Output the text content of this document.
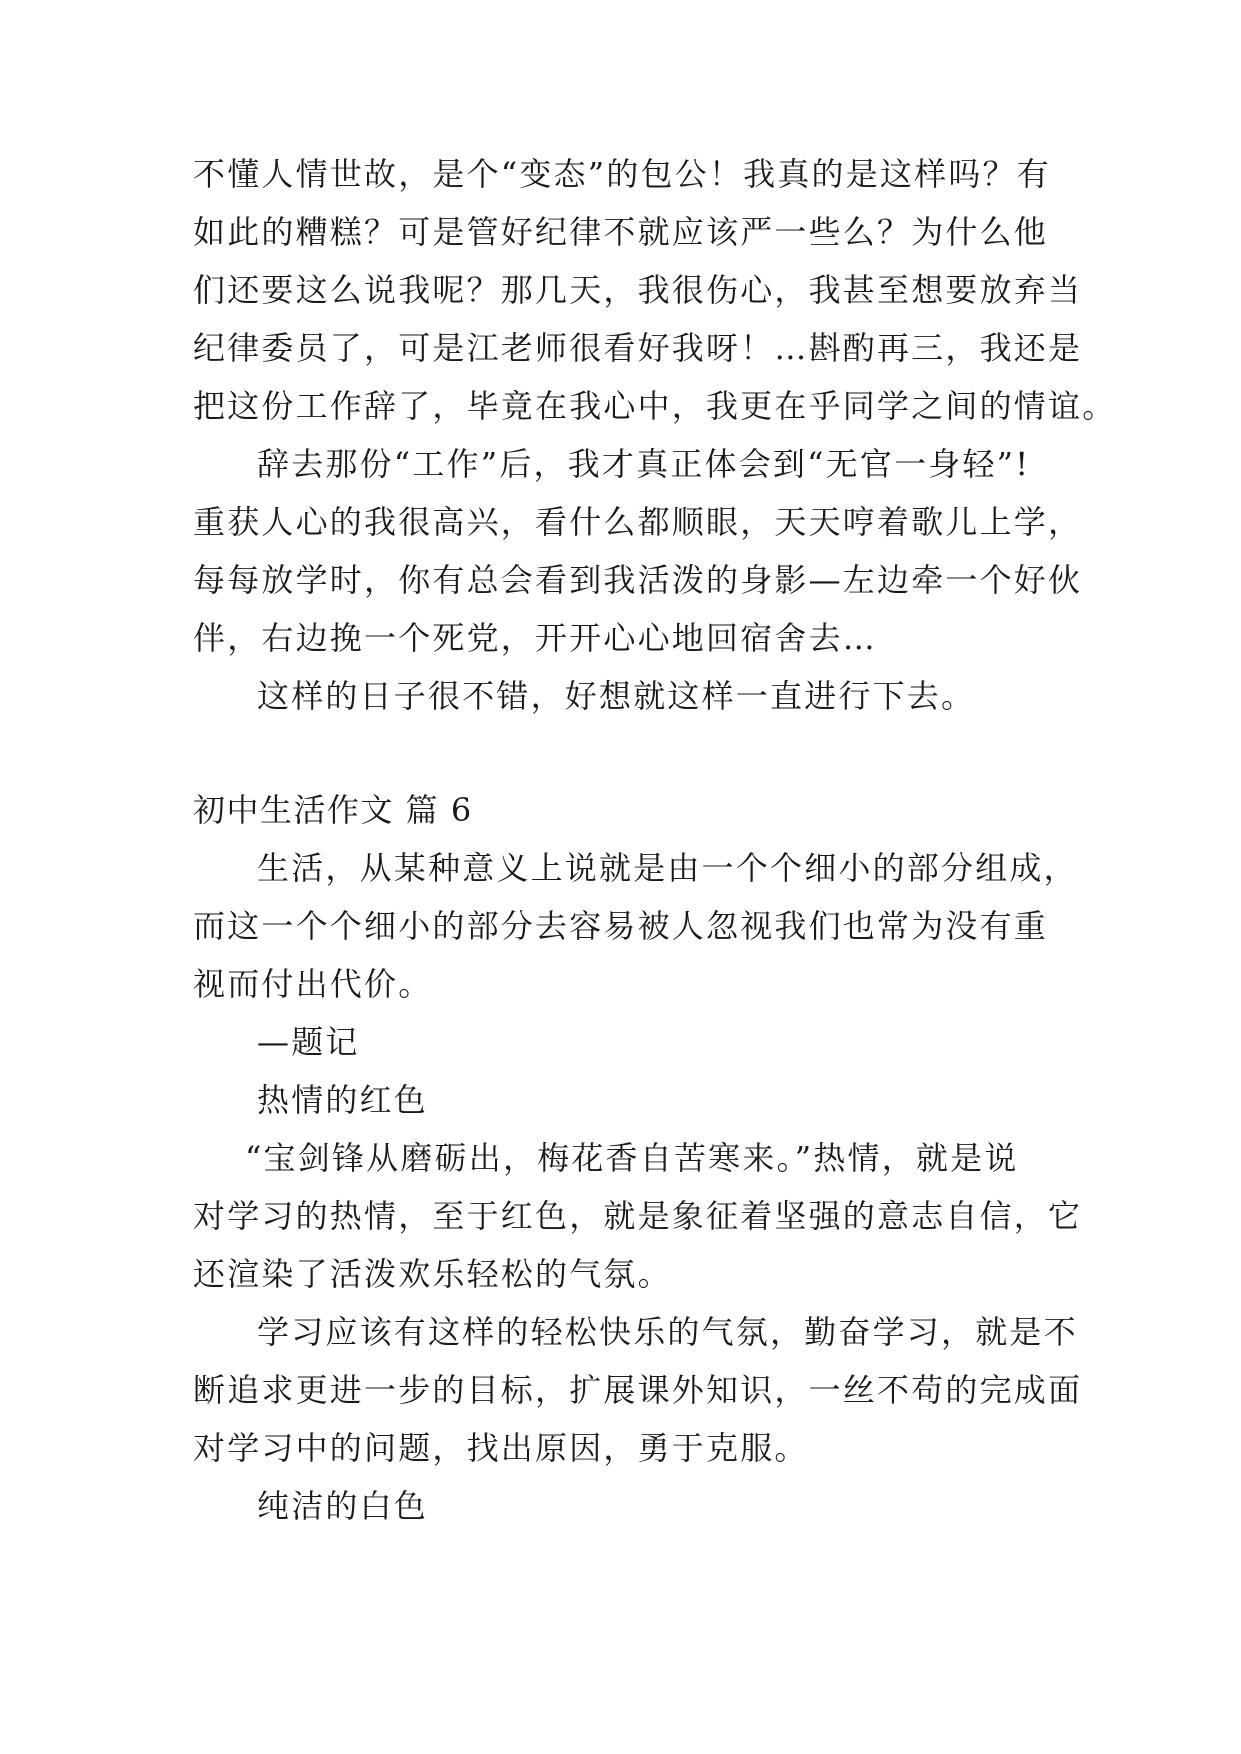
不懂人情世故，是个“变态”的包公！我真的是这样吗？有
如此的糟糕？可是管好纪律不就应该严一些么？为什么他
们还要这么说我呢？那几天，我很伤心，我甚至想要放弃当
纪律委员了，可是江老师很看好我呀！…斟酌再三，我还是
把这份工作辞了，毕竟在我心中，我更在乎同学之间的情谊。
辞去那份“工作”后，我才真正体会到“无官一身轻”!
重获人心的我很高兴，看什么都顺眼，天天哼着歌儿上学，
每每放学时，你有总会看到我活泼的身影—左边牵一个好伙
伴，右边挽一个死党，开开心心地回宿舍去…
这样的日子很不错，好想就这样一直进行下去。
初中生活作文 篇 6
生活，从某种意义上说就是由一个个细小的部分组成，
而这一个个细小的部分去容易被人忽视我们也常为没有重
视而付出代价。
—题记
热情的红色
“宝剑锋从磨砺出，梅花香自苦寒来。”热情，就是说
对学习的热情，至于红色，就是象征着坚强的意志自信，它
还渲染了活泼欢乐轻松的气氛。
学习应该有这样的轻松快乐的气氛，勤奋学习，就是不
断追求更进一步的目标，扩展课外知识，一丝不苟的完成面
对学习中的问题，找出原因，勇于克服。
纯洁的白色
